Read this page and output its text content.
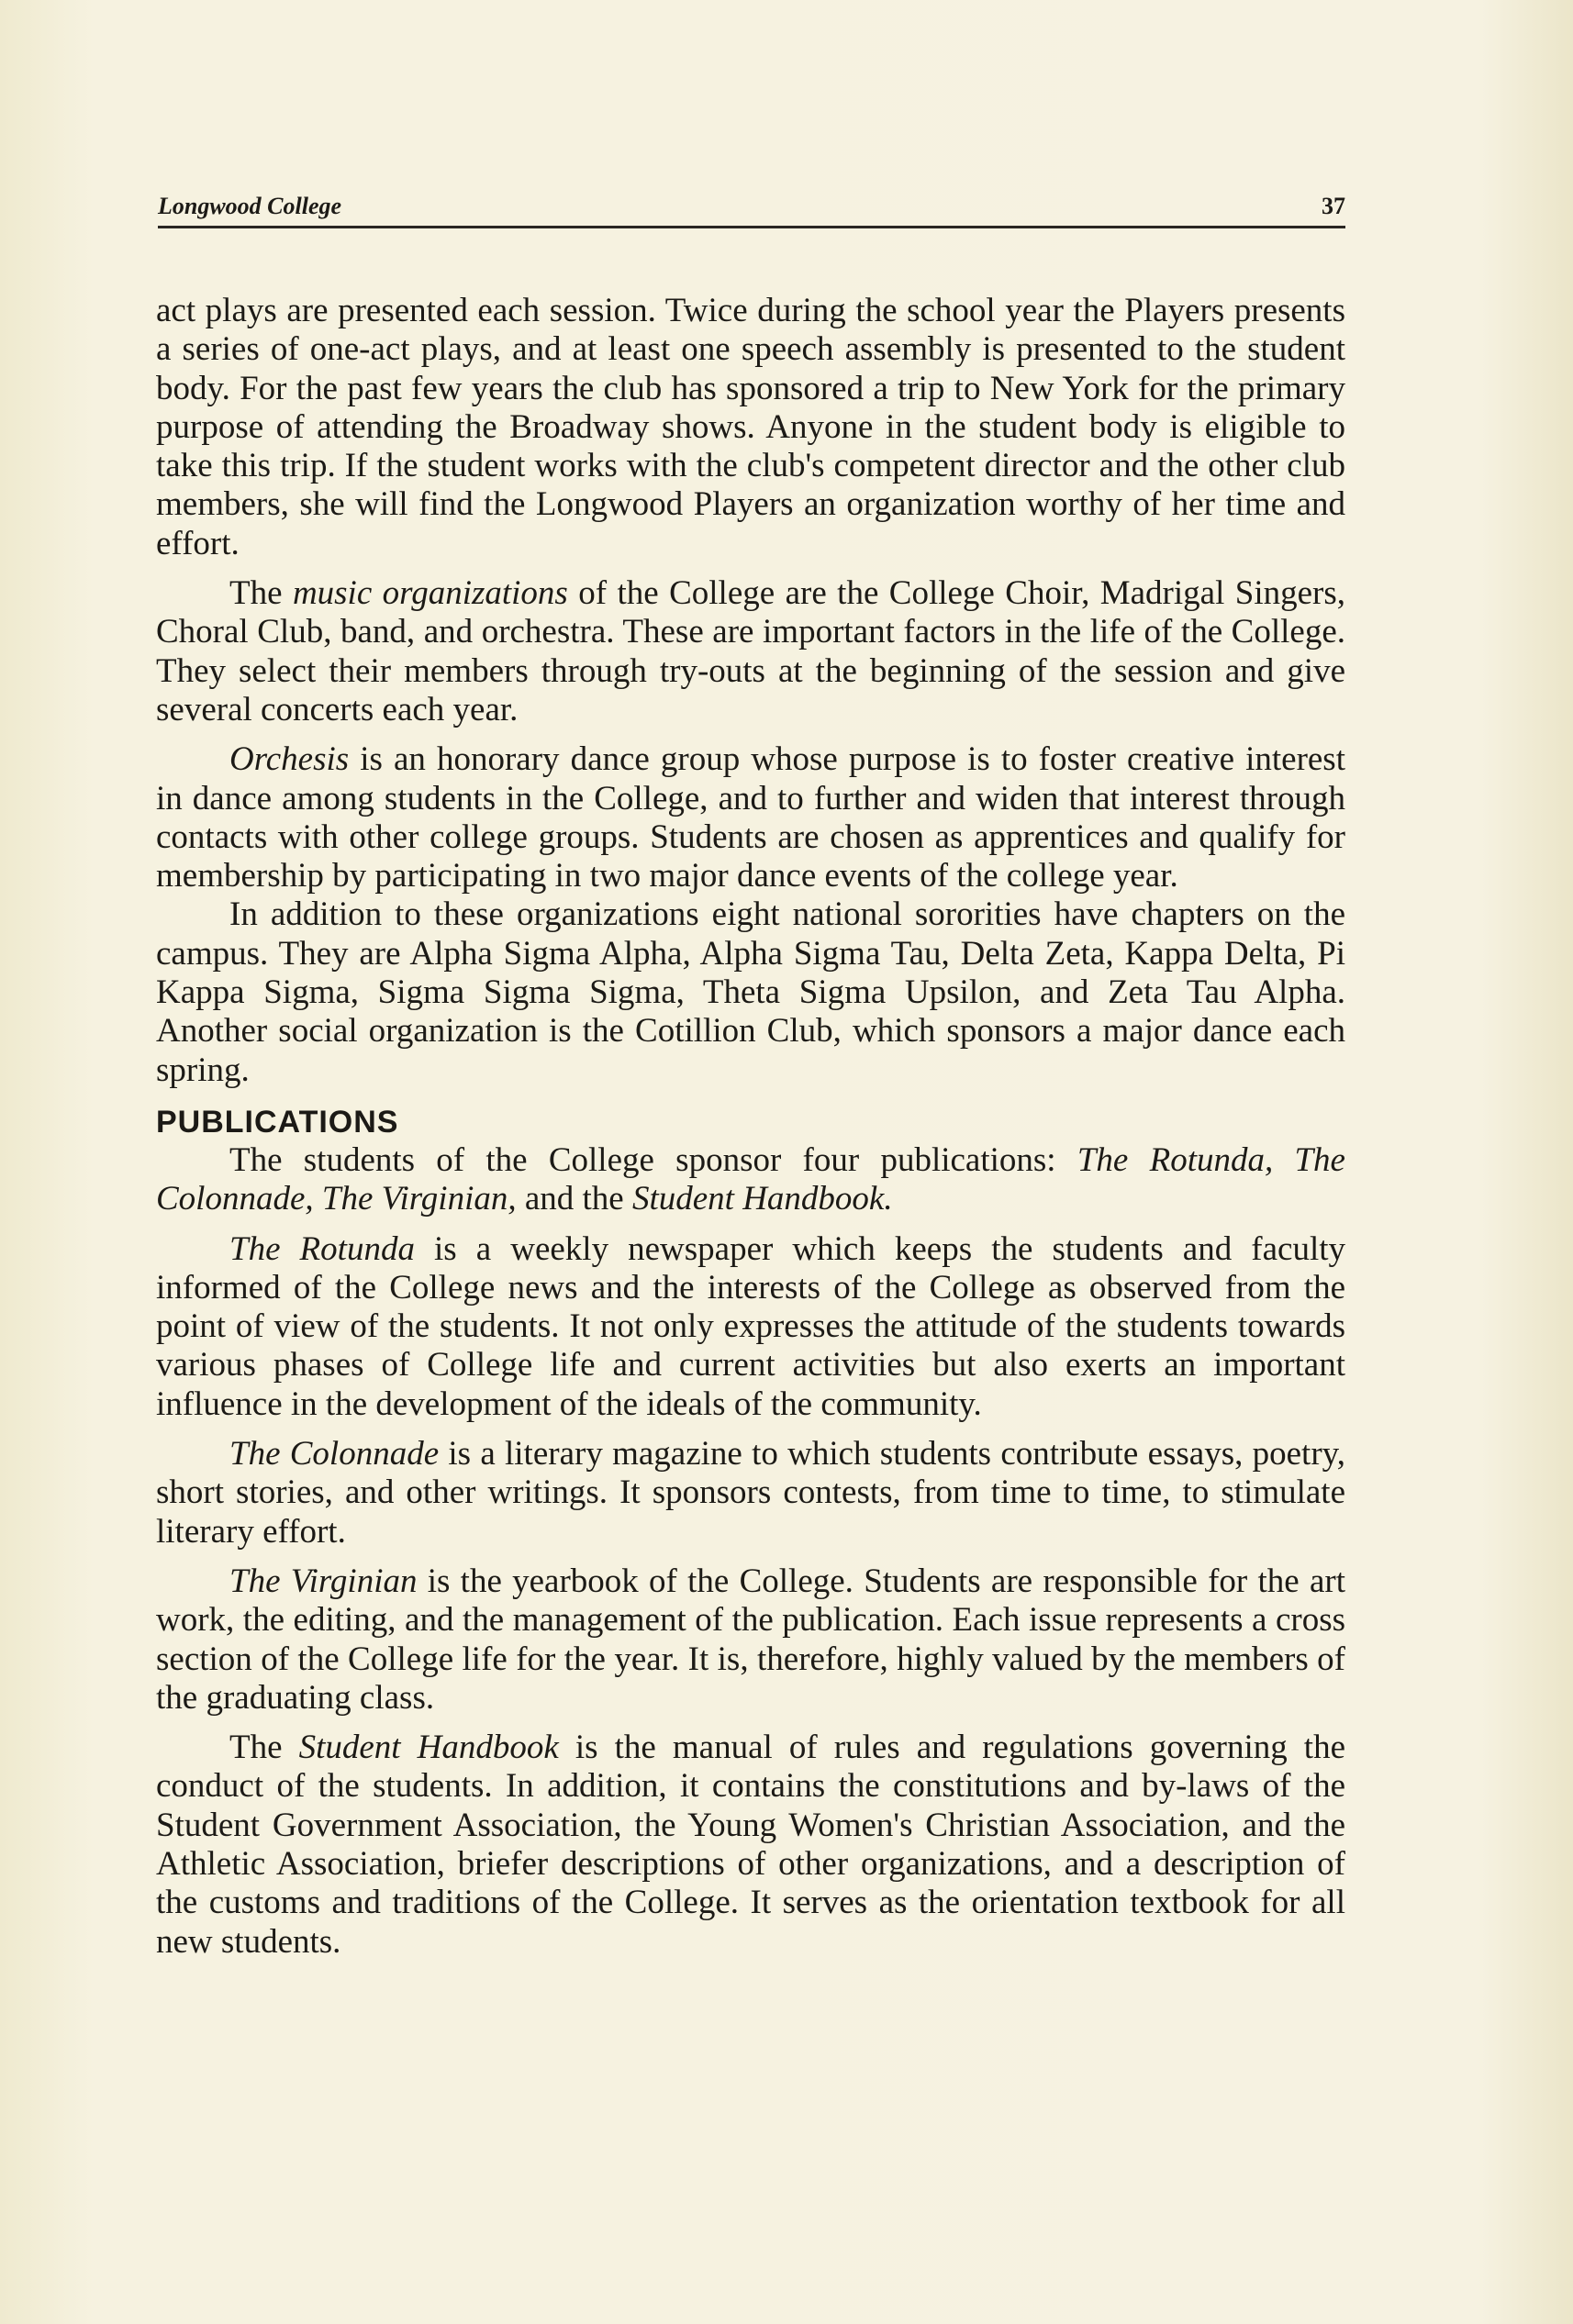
Longwood College	37

act plays are presented each session. Twice during the school year the Players presents a series of one-act plays, and at least one speech assembly is presented to the student body. For the past few years the club has sponsored a trip to New York for the primary purpose of attending the Broadway shows. Anyone in the student body is eligible to take this trip. If the student works with the club's competent director and the other club members, she will find the Longwood Players an organization worthy of her time and effort.

The music organizations of the College are the College Choir, Madrigal Singers, Choral Club, band, and orchestra. These are important factors in the life of the College. They select their members through try-outs at the beginning of the session and give several concerts each year.

Orchesis is an honorary dance group whose purpose is to foster creative interest in dance among students in the College, and to further and widen that interest through contacts with other college groups. Students are chosen as apprentices and qualify for membership by participating in two major dance events of the college year.

In addition to these organizations eight national sororities have chapters on the campus. They are Alpha Sigma Alpha, Alpha Sigma Tau, Delta Zeta, Kappa Delta, Pi Kappa Sigma, Sigma Sigma Sigma, Theta Sigma Upsilon, and Zeta Tau Alpha. Another social organization is the Cotillion Club, which sponsors a major dance each spring.

PUBLICATIONS

The students of the College sponsor four publications: The Rotunda, The Colonnade, The Virginian, and the Student Handbook.

The Rotunda is a weekly newspaper which keeps the students and faculty informed of the College news and the interests of the College as observed from the point of view of the students. It not only expresses the attitude of the students towards various phases of College life and current activities but also exerts an important influence in the development of the ideals of the community.

The Colonnade is a literary magazine to which students contribute essays, poetry, short stories, and other writings. It sponsors contests, from time to time, to stimulate literary effort.

The Virginian is the yearbook of the College. Students are responsible for the art work, the editing, and the management of the publication. Each issue represents a cross section of the College life for the year. It is, therefore, highly valued by the members of the graduating class.

The Student Handbook is the manual of rules and regulations governing the conduct of the students. In addition, it contains the constitutions and by-laws of the Student Government Association, the Young Women's Christian Association, and the Athletic Association, briefer descriptions of other organizations, and a description of the customs and traditions of the College. It serves as the orientation textbook for all new students.
